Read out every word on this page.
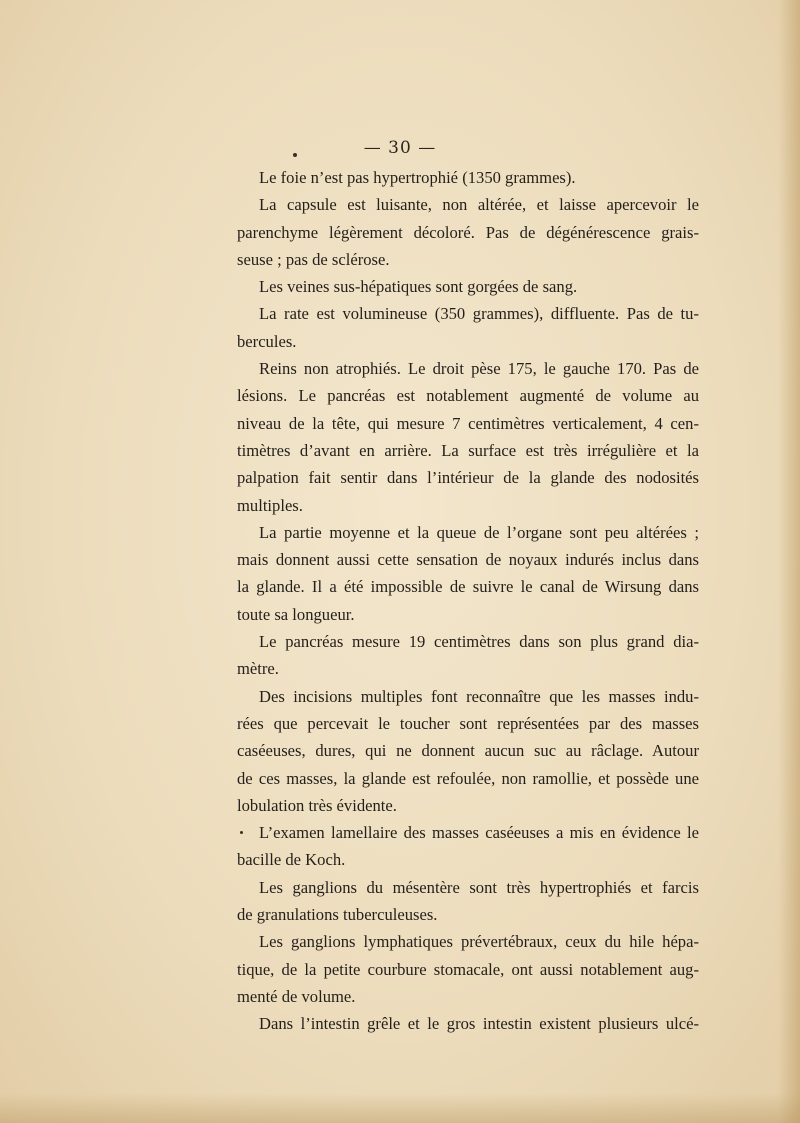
— 30 —
Le foie n’est pas hypertrophié (1350 grammes).
La capsule est luisante, non altérée, et laisse apercevoir le
parenchyme légèrement décoloré. Pas de dégénérescence grais-
seuse ; pas de sclérose.
Les veines sus-hépatiques sont gorgées de sang.
La rate est volumineuse (350 grammes), diffluente. Pas de tu-
bercules.
Reins non atrophiés. Le droit pèse 175, le gauche 170. Pas de
lésions. Le pancréas est notablement augmenté de volume au
niveau de la tête, qui mesure 7 centimètres verticalement, 4 cen-
timètres d’avant en arrière. La surface est très irrégulière et la
palpation fait sentir dans l’intérieur de la glande des nodosités
multiples.
La partie moyenne et la queue de l’organe sont peu altérées ;
mais donnent aussi cette sensation de noyaux indurés inclus dans
la glande. Il a été impossible de suivre le canal de Wirsung dans
toute sa longueur.
Le pancréas mesure 19 centimètres dans son plus grand dia-
mètre.
Des incisions multiples font reconnaître que les masses indu-
rées que percevait le toucher sont représentées par des masses
caséeuses, dures, qui ne donnent aucun suc au râclage. Autour
de ces masses, la glande est refoulée, non ramollie, et possède une
lobulation très évidente.
L’examen lamellaire des masses caséeuses a mis en évidence le
bacille de Koch.
Les ganglions du mésentère sont très hypertrophiés et farcis
de granulations tuberculeuses.
Les ganglions lymphatiques prévertébraux, ceux du hile hépa-
tique, de la petite courbure stomacale, ont aussi notablement aug-
menté de volume.
Dans l’intestin grêle et le gros intestin existent plusieurs ulcé-
